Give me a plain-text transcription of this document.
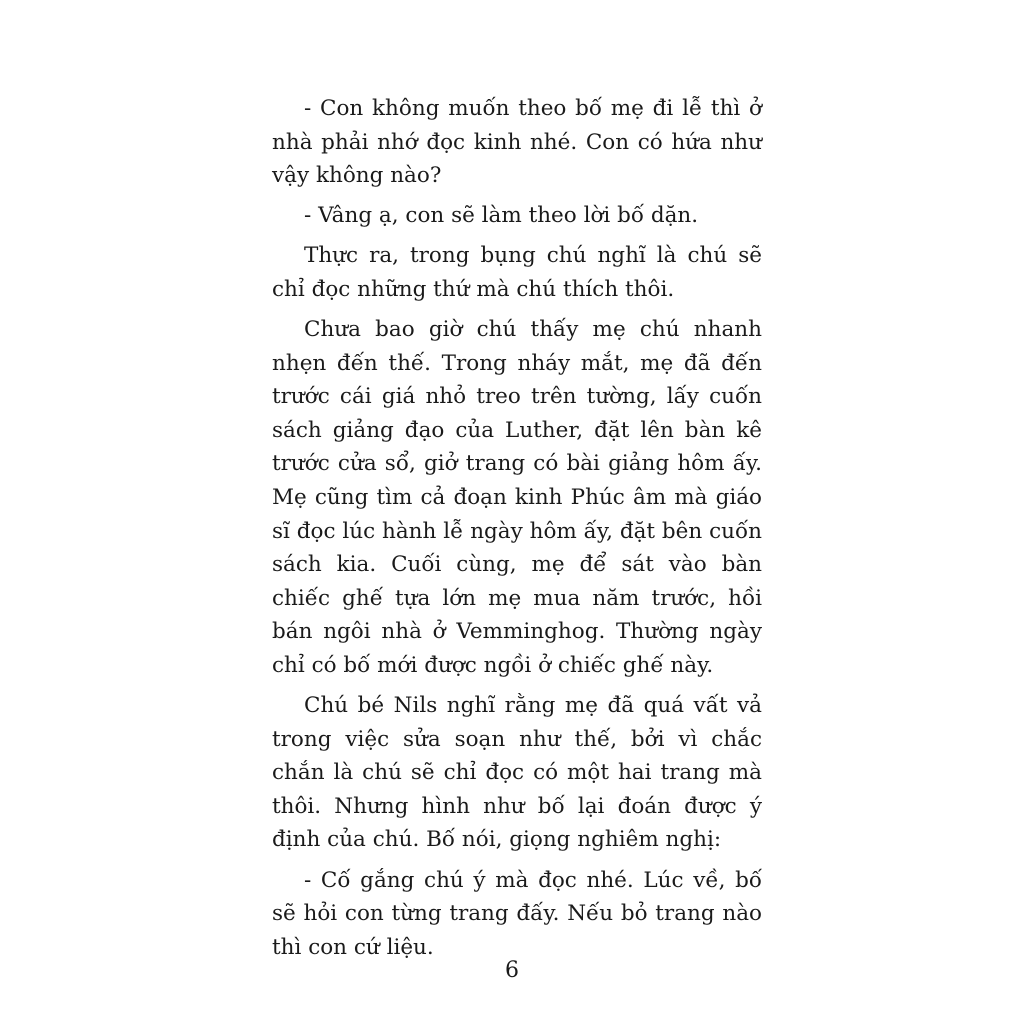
- Con không muốn theo bố mẹ đi lễ thì ở nhà phải nhớ đọc kinh nhé. Con có hứa như vậy không nào?

- Vâng ạ, con sẽ làm theo lời bố dặn.

Thực ra, trong bụng chú nghĩ là chú sẽ chỉ đọc những thứ mà chú thích thôi.

Chưa bao giờ chú thấy mẹ chú nhanh nhẹn đến thế. Trong nháy mắt, mẹ đã đến trước cái giá nhỏ treo trên tường, lấy cuốn sách giảng đạo của Luther, đặt lên bàn kê trước cửa sổ, giở trang có bài giảng hôm ấy. Mẹ cũng tìm cả đoạn kinh Phúc âm mà giáo sĩ đọc lúc hành lễ ngày hôm ấy, đặt bên cuốn sách kia. Cuối cùng, mẹ để sát vào bàn chiếc ghế tựa lớn mẹ mua năm trước, hồi bán ngôi nhà ở Vemminghog. Thường ngày chỉ có bố mới được ngồi ở chiếc ghế này.

Chú bé Nils nghĩ rằng mẹ đã quá vất vả trong việc sửa soạn như thế, bởi vì chắc chắn là chú sẽ chỉ đọc có một hai trang mà thôi. Nhưng hình như bố lại đoán được ý định của chú. Bố nói, giọng nghiêm nghị:

- Cố gắng chú ý mà đọc nhé. Lúc về, bố sẽ hỏi con từng trang đấy. Nếu bỏ trang nào thì con cứ liệu.

6
